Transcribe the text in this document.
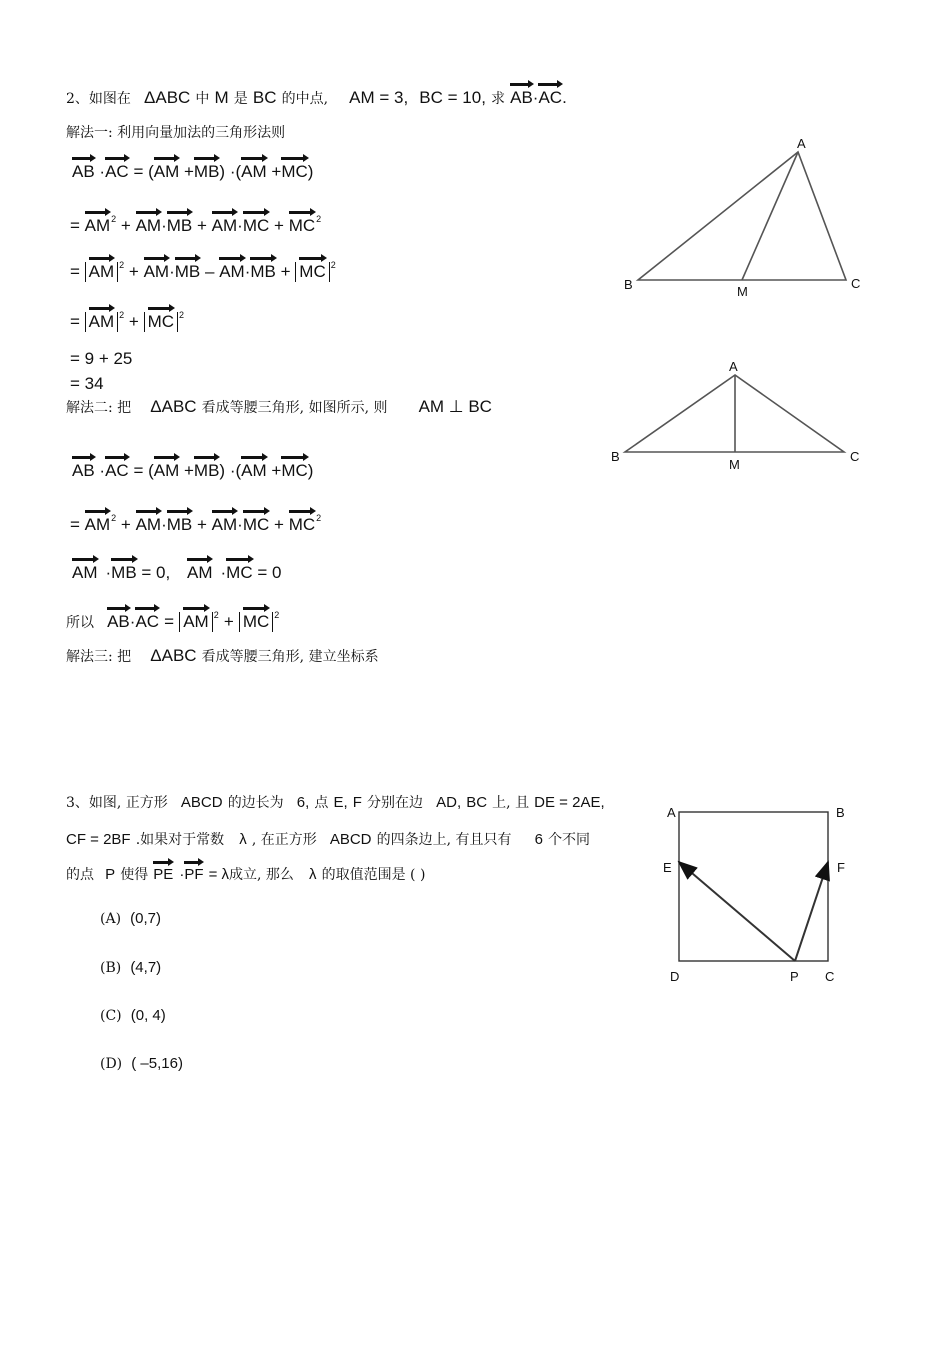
2、如图在 ΔABC 中 M 是 BC 的中点, AM = 3, BC = 10, 求 AB·AC.
解法一: 利用向量加法的三角形法则
AB ·AC = (AM +MB) ·(AM +MC)
= $AM^2 + AM\cdot MB + AM\cdot MC + MC^2$
= AM $^2$ + AM·MB – AM·MB + MC $^2$
= AM $^2$ + MC $^2$
= 9 + 25
= 34
解法二: 把 ΔABC 看成等腰三角形, 如图所示, 则 AM ⊥ BC
AB ·AC = (AM +MB) ·(AM +MC)
= $AM^2 + AM\cdot MB + AM\cdot MC + MC^2$
AM ·MB = 0, AM ·MC = 0
所以 AB·AC = AM $^2$ + MC $^2$
解法三: 把 ΔABC 看成等腰三角形, 建立坐标系
A
B	C
M
A
B	C
M
3、如图, 正方形 ABCD 的边长为 6, 点 E, F 分别在边 AD, BC 上, 且 DE = 2AE,
CF = 2BF .如果对于常数 λ , 在正方形 ABCD 的四条边上, 有且只有 6 个不同
的点 P 使得 PE ·PF = λ成立, 那么 λ 的取值范围是 ( )
(A) (0,7)
(B) (4,7)
(C) (0, 4)
(D) ( –5,16)
A	B
C
D
E	F
P
